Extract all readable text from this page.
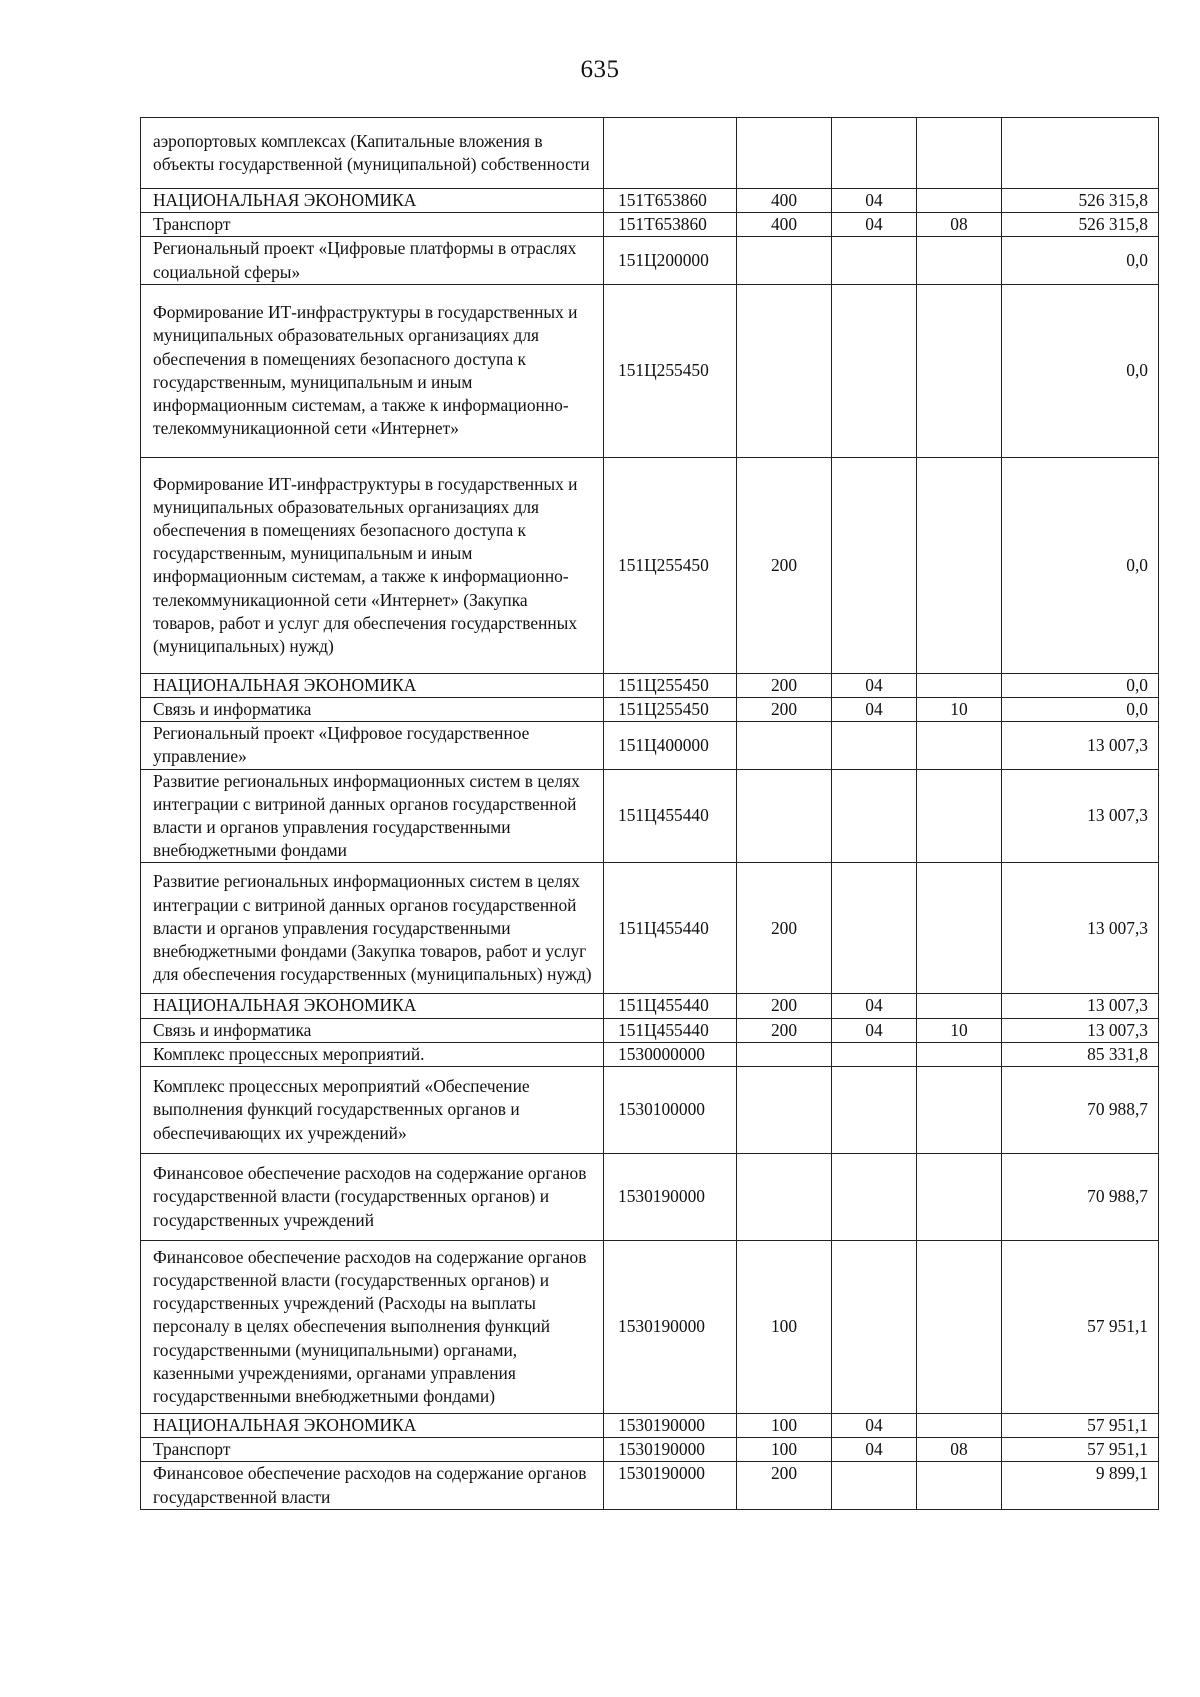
635
аэропортовых комплексах (Капитальные вложения в объекты государственной (муниципальной) собственности					
НАЦИОНАЛЬНАЯ ЭКОНОМИКА	151Т653860	400	04		526 315,8
Транспорт	151Т653860	400	04	08	526 315,8
Региональный проект «Цифровые платформы в отраслях социальной сферы»	151Ц200000				0,0
Формирование ИТ-инфраструктуры в государственных и муниципальных образовательных организациях для обеспечения в помещениях безопасного доступа к государственным, муниципальным и иным информационным системам, а также к информационно-телекоммуникационной сети «Интернет»	151Ц255450				0,0
Формирование ИТ-инфраструктуры в государственных и муниципальных образовательных организациях для обеспечения в помещениях безопасного доступа к государственным, муниципальным и иным информационным системам, а также к информационно-телекоммуникационной сети «Интернет» (Закупка товаров, работ и услуг для обеспечения государственных (муниципальных) нужд)	151Ц255450	200			0,0
НАЦИОНАЛЬНАЯ ЭКОНОМИКА	151Ц255450	200	04		0,0
Связь и информатика	151Ц255450	200	04	10	0,0
Региональный проект «Цифровое государственное управление»	151Ц400000				13 007,3
Развитие региональных информационных систем в целях интеграции с витриной данных органов государственной власти и органов управления государственными внебюджетными фондами	151Ц455440				13 007,3
Развитие региональных информационных систем в целях интеграции с витриной данных органов государственной власти и органов управления государственными внебюджетными фондами (Закупка товаров, работ и услуг для обеспечения государственных (муниципальных) нужд)	151Ц455440	200			13 007,3
НАЦИОНАЛЬНАЯ ЭКОНОМИКА	151Ц455440	200	04		13 007,3
Связь и информатика	151Ц455440	200	04	10	13 007,3
Комплекс процессных мероприятий.	1530000000				85 331,8
Комплекс процессных мероприятий «Обеспечение выполнения функций государственных органов и обеспечивающих их учреждений»	1530100000				70 988,7
Финансовое обеспечение расходов на содержание органов государственной власти (государственных органов) и государственных учреждений	1530190000				70 988,7
Финансовое обеспечение расходов на содержание органов государственной власти (государственных органов) и государственных учреждений (Расходы на выплаты персоналу в целях обеспечения выполнения функций государственными (муниципальными) органами, казенными учреждениями, органами управления государственными внебюджетными фондами)	1530190000	100			57 951,1
НАЦИОНАЛЬНАЯ ЭКОНОМИКА	1530190000	100	04		57 951,1
Транспорт	1530190000	100	04	08	57 951,1
Финансовое обеспечение расходов на содержание органов государственной власти	1530190000	200			9 899,1
